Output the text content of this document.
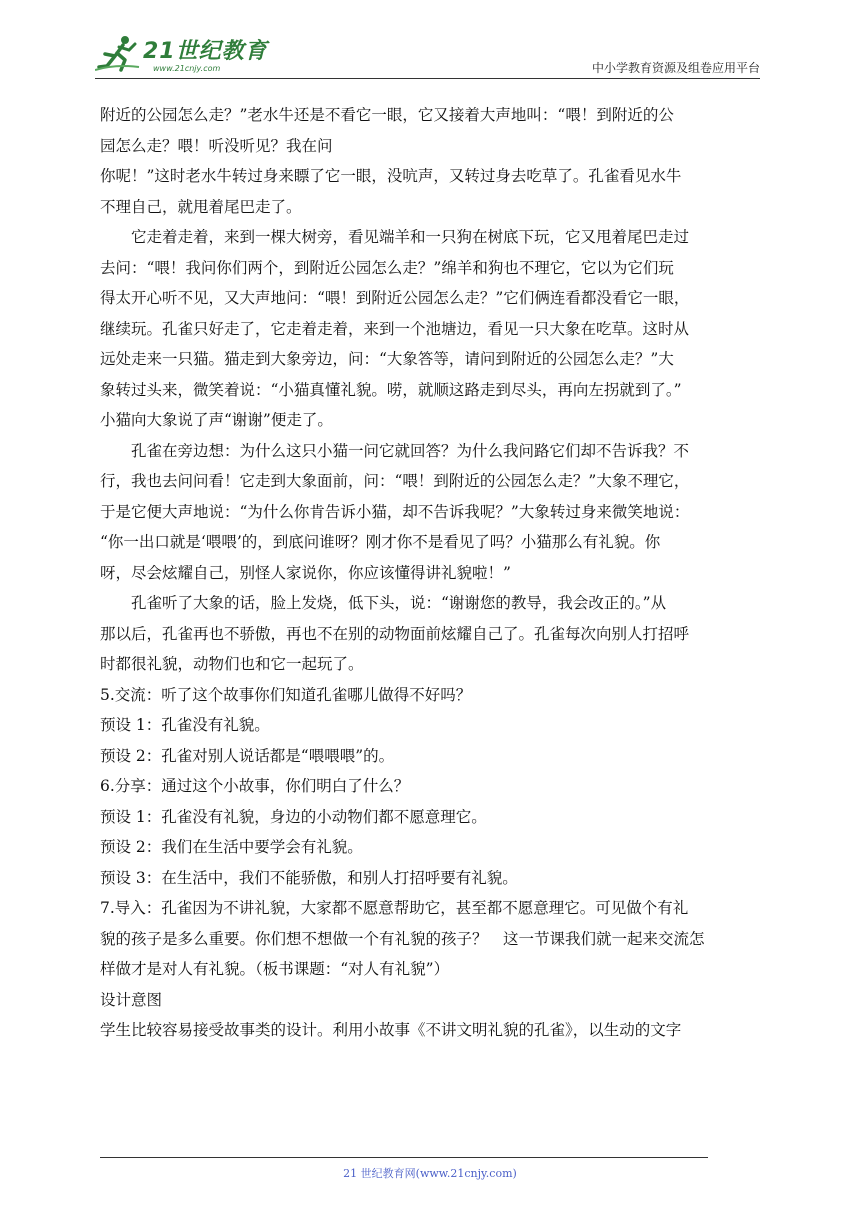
21世纪教育
www.21cnjy.com	中小学教育资源及组卷应用平台
附近的公园怎么走？”老水牛还是不看它一眼，它又接着大声地叫：“喂！到附近的公
园怎么走？喂！听没听见？我在问
你呢！”这时老水牛转过身来瞟了它一眼，没吭声，又转过身去吃草了。孔雀看见水牛
不理自己，就甩着尾巴走了。
　　它走着走着，来到一棵大树旁，看见端羊和一只狗在树底下玩，它又甩着尾巴走过
去问：“喂！我问你们两个，到附近公园怎么走？”绵羊和狗也不理它，它以为它们玩
得太开心听不见，又大声地问：“喂！到附近公园怎么走？”它们俩连看都没看它一眼，
继续玩。孔雀只好走了，它走着走着，来到一个池塘边，看见一只大象在吃草。这时从
远处走来一只猫。猫走到大象旁边，问：“大象答等，请问到附近的公园怎么走？”大
象转过头来，微笑着说：“小猫真懂礼貌。唠，就顺这路走到尽头，再向左拐就到了。”
小猫向大象说了声“谢谢”便走了。
　　孔雀在旁边想：为什么这只小猫一问它就回答？为什么我问路它们却不告诉我？不
行，我也去问问看！它走到大象面前，问：“喂！到附近的公园怎么走？”大象不理它，
于是它便大声地说：“为什么你肯告诉小猫，却不告诉我呢？”大象转过身来微笑地说：
“你一出口就是‘喂喂’的，到底问谁呀？刚才你不是看见了吗？小猫那么有礼貌。你
呀，尽会炫耀自己，别怪人家说你，你应该懂得讲礼貌啦！”
　　孔雀听了大象的话，脸上发烧，低下头，说：“谢谢您的教导，我会改正的。”从
那以后，孔雀再也不骄傲，再也不在别的动物面前炫耀自己了。孔雀每次向别人打招呼
时都很礼貌，动物们也和它一起玩了。
5.交流：听了这个故事你们知道孔雀哪儿做得不好吗？
预设 1：孔雀没有礼貌。
预设 2：孔雀对别人说话都是“喂喂喂”的。
6.分享：通过这个小故事，你们明白了什么？
预设 1：孔雀没有礼貌，身边的小动物们都不愿意理它。
预设 2：我们在生活中要学会有礼貌。
预设 3：在生活中，我们不能骄傲，和别人打招呼要有礼貌。
7.导入：孔雀因为不讲礼貌，大家都不愿意帮助它，甚至都不愿意理它。可见做个有礼
貌的孩子是多么重要。你们想不想做一个有礼貌的孩子？　这一节课我们就一起来交流怎
样做才是对人有礼貌。（板书课题：“对人有礼貌”）
设计意图
学生比较容易接受故事类的设计。利用小故事《不讲文明礼貌的孔雀》，以生动的文字
21 世纪教育网(www.21cnjy.com)
